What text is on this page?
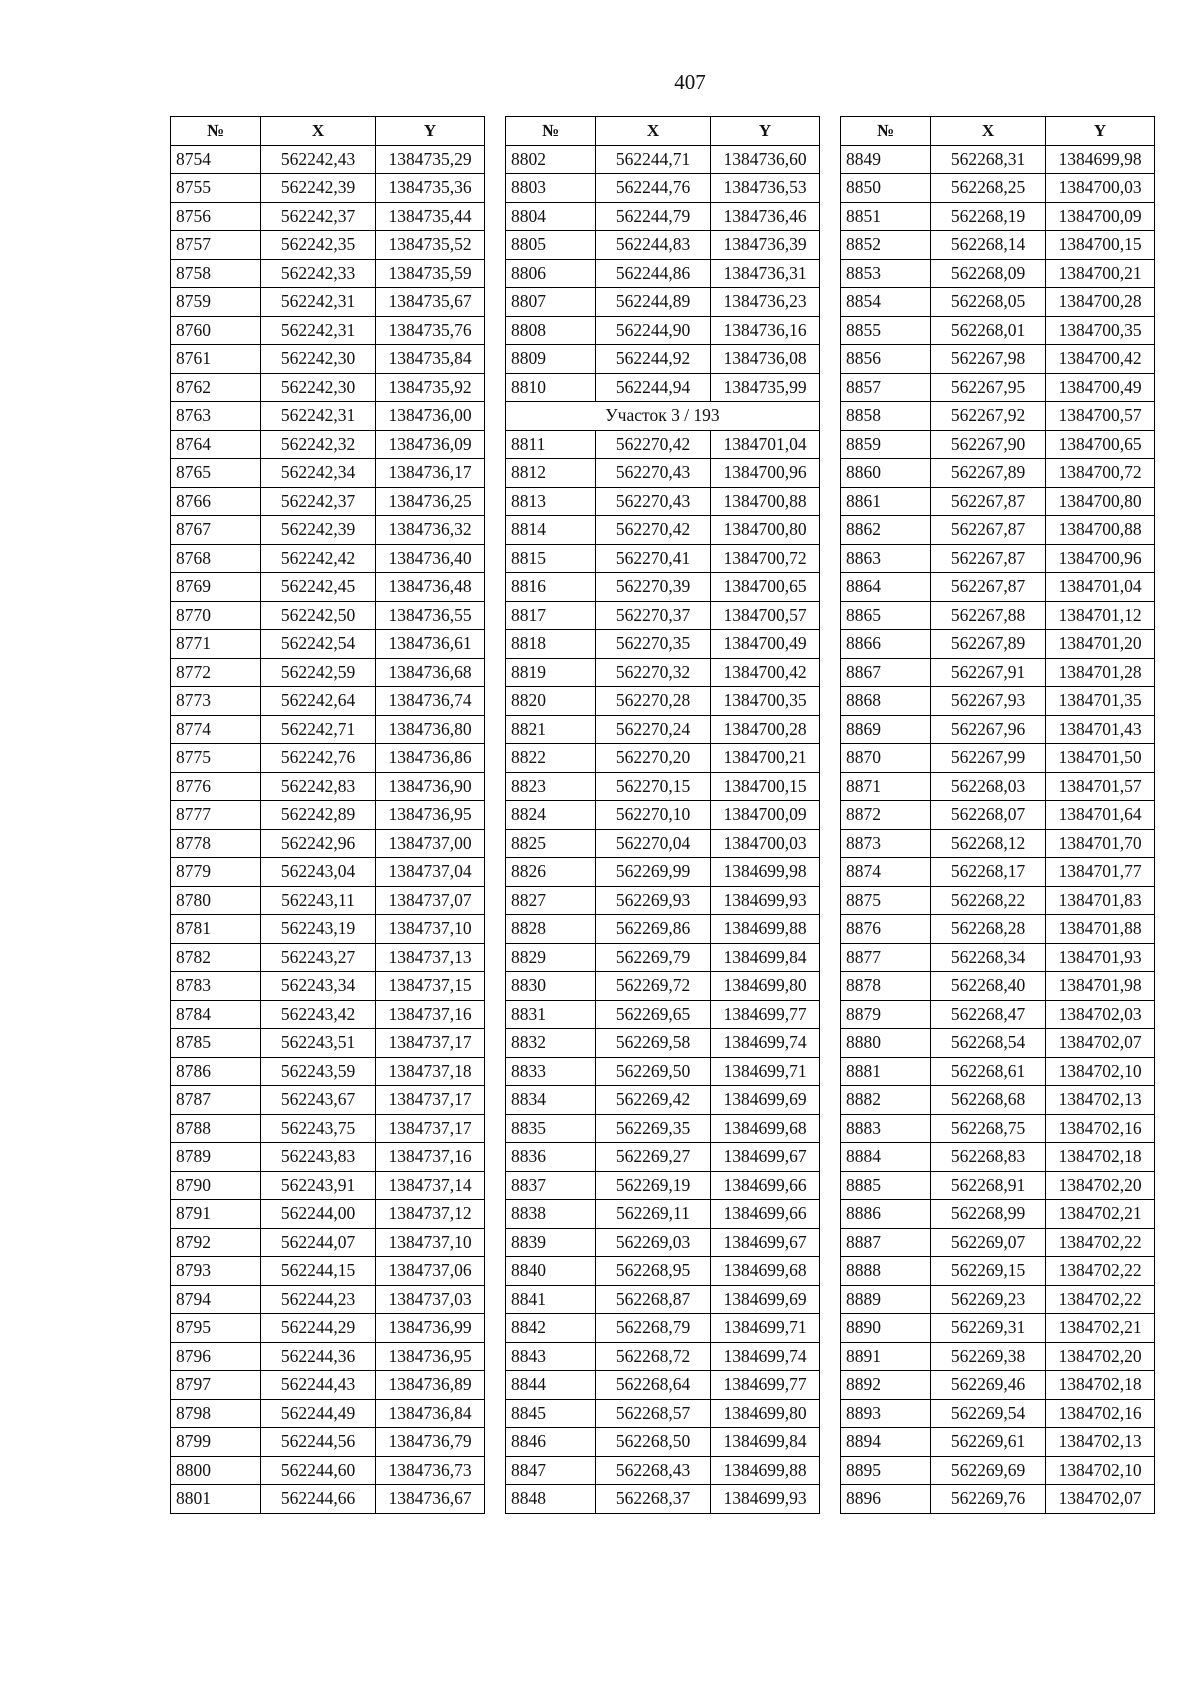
407
№	X	Y
8754	562242,43	1384735,29
8755	562242,39	1384735,36
8756	562242,37	1384735,44
8757	562242,35	1384735,52
8758	562242,33	1384735,59
8759	562242,31	1384735,67
8760	562242,31	1384735,76
8761	562242,30	1384735,84
8762	562242,30	1384735,92
8763	562242,31	1384736,00
8764	562242,32	1384736,09
8765	562242,34	1384736,17
8766	562242,37	1384736,25
8767	562242,39	1384736,32
8768	562242,42	1384736,40
8769	562242,45	1384736,48
8770	562242,50	1384736,55
8771	562242,54	1384736,61
8772	562242,59	1384736,68
8773	562242,64	1384736,74
8774	562242,71	1384736,80
8775	562242,76	1384736,86
8776	562242,83	1384736,90
8777	562242,89	1384736,95
8778	562242,96	1384737,00
8779	562243,04	1384737,04
8780	562243,11	1384737,07
8781	562243,19	1384737,10
8782	562243,27	1384737,13
8783	562243,34	1384737,15
8784	562243,42	1384737,16
8785	562243,51	1384737,17
8786	562243,59	1384737,18
8787	562243,67	1384737,17
8788	562243,75	1384737,17
8789	562243,83	1384737,16
8790	562243,91	1384737,14
8791	562244,00	1384737,12
8792	562244,07	1384737,10
8793	562244,15	1384737,06
8794	562244,23	1384737,03
8795	562244,29	1384736,99
8796	562244,36	1384736,95
8797	562244,43	1384736,89
8798	562244,49	1384736,84
8799	562244,56	1384736,79
8800	562244,60	1384736,73
8801	562244,66	1384736,67
№	X	Y
8802	562244,71	1384736,60
8803	562244,76	1384736,53
8804	562244,79	1384736,46
8805	562244,83	1384736,39
8806	562244,86	1384736,31
8807	562244,89	1384736,23
8808	562244,90	1384736,16
8809	562244,92	1384736,08
8810	562244,94	1384735,99
Участок 3 / 193		
8811	562270,42	1384701,04
8812	562270,43	1384700,96
8813	562270,43	1384700,88
8814	562270,42	1384700,80
8815	562270,41	1384700,72
8816	562270,39	1384700,65
8817	562270,37	1384700,57
8818	562270,35	1384700,49
8819	562270,32	1384700,42
8820	562270,28	1384700,35
8821	562270,24	1384700,28
8822	562270,20	1384700,21
8823	562270,15	1384700,15
8824	562270,10	1384700,09
8825	562270,04	1384700,03
8826	562269,99	1384699,98
8827	562269,93	1384699,93
8828	562269,86	1384699,88
8829	562269,79	1384699,84
8830	562269,72	1384699,80
8831	562269,65	1384699,77
8832	562269,58	1384699,74
8833	562269,50	1384699,71
8834	562269,42	1384699,69
8835	562269,35	1384699,68
8836	562269,27	1384699,67
8837	562269,19	1384699,66
8838	562269,11	1384699,66
8839	562269,03	1384699,67
8840	562268,95	1384699,68
8841	562268,87	1384699,69
8842	562268,79	1384699,71
8843	562268,72	1384699,74
8844	562268,64	1384699,77
8845	562268,57	1384699,80
8846	562268,50	1384699,84
8847	562268,43	1384699,88
8848	562268,37	1384699,93
№	X	Y
8849	562268,31	1384699,98
8850	562268,25	1384700,03
8851	562268,19	1384700,09
8852	562268,14	1384700,15
8853	562268,09	1384700,21
8854	562268,05	1384700,28
8855	562268,01	1384700,35
8856	562267,98	1384700,42
8857	562267,95	1384700,49
8858	562267,92	1384700,57
8859	562267,90	1384700,65
8860	562267,89	1384700,72
8861	562267,87	1384700,80
8862	562267,87	1384700,88
8863	562267,87	1384700,96
8864	562267,87	1384701,04
8865	562267,88	1384701,12
8866	562267,89	1384701,20
8867	562267,91	1384701,28
8868	562267,93	1384701,35
8869	562267,96	1384701,43
8870	562267,99	1384701,50
8871	562268,03	1384701,57
8872	562268,07	1384701,64
8873	562268,12	1384701,70
8874	562268,17	1384701,77
8875	562268,22	1384701,83
8876	562268,28	1384701,88
8877	562268,34	1384701,93
8878	562268,40	1384701,98
8879	562268,47	1384702,03
8880	562268,54	1384702,07
8881	562268,61	1384702,10
8882	562268,68	1384702,13
8883	562268,75	1384702,16
8884	562268,83	1384702,18
8885	562268,91	1384702,20
8886	562268,99	1384702,21
8887	562269,07	1384702,22
8888	562269,15	1384702,22
8889	562269,23	1384702,22
8890	562269,31	1384702,21
8891	562269,38	1384702,20
8892	562269,46	1384702,18
8893	562269,54	1384702,16
8894	562269,61	1384702,13
8895	562269,69	1384702,10
8896	562269,76	1384702,07
